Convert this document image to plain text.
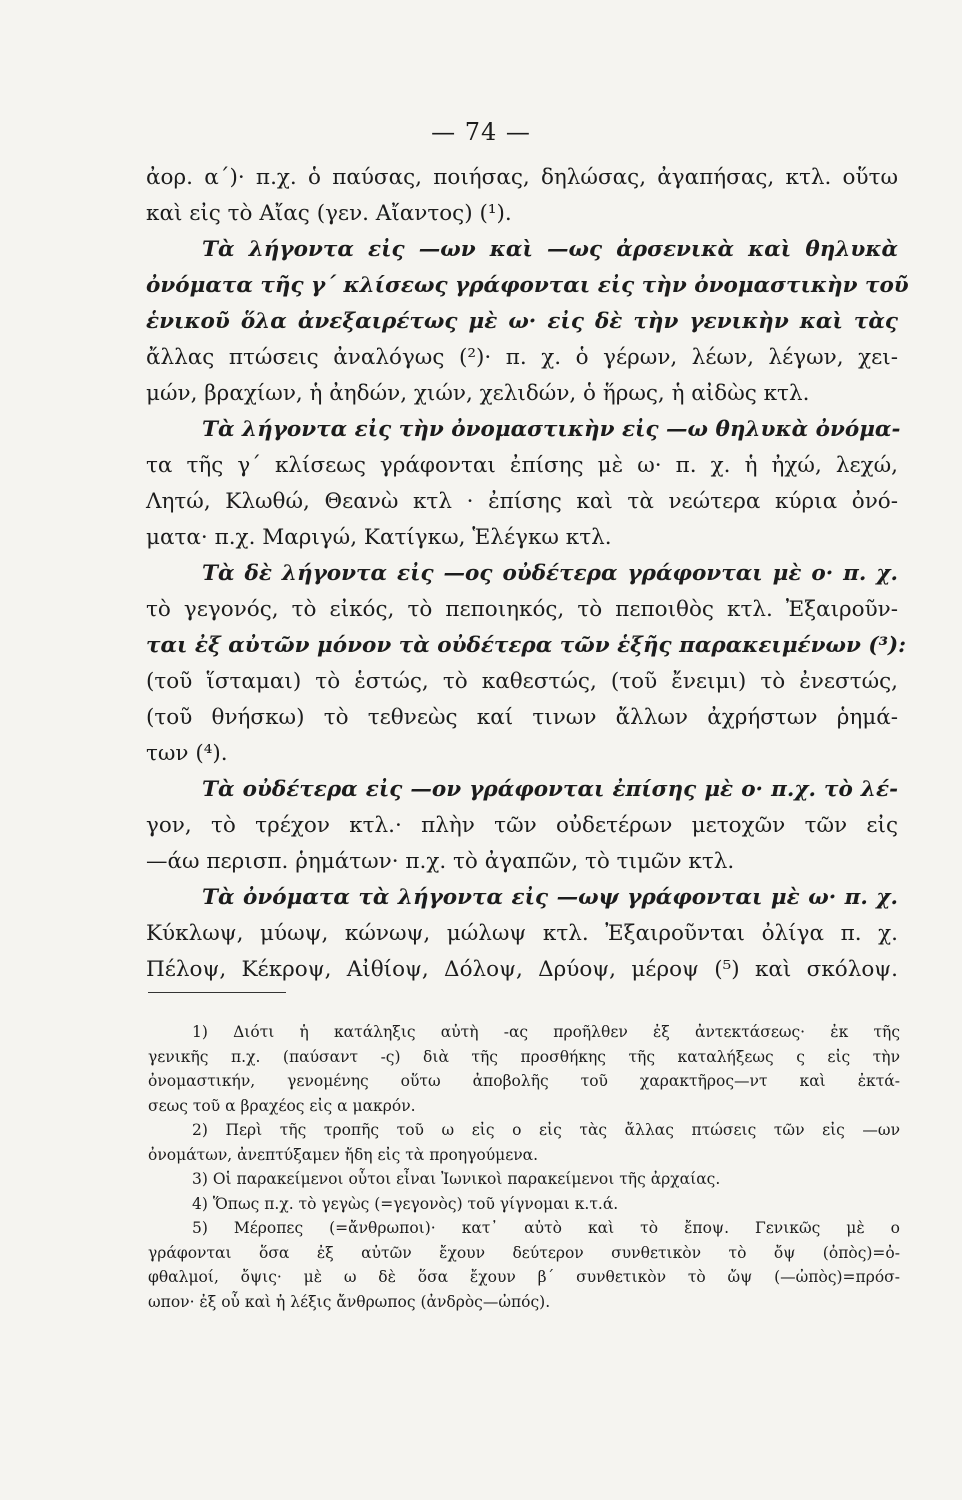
— 74 —
ἀορ. α΄)· π.χ. ὁ παύσας, ποιήσας, δηλώσας, ἀγαπήσας, κτλ. οὕτω
καὶ εἰς τὸ Αἴας (γεν. Αἴαντος) (¹).
Τὰ λήγοντα εἰς —ων καὶ —ως ἀρσενικὰ καὶ θηλυκὰ
ὀνόματα τῆς γ΄ κλίσεως γράφονται εἰς τὴν ὀνομαστικὴν τοῦ
ἑνικοῦ ὅλα ἀνεξαιρέτως μὲ ω· εἰς δὲ τὴν γενικὴν καὶ τὰς
ἄλλας πτώσεις ἀναλόγως (²)· π. χ. ὁ γέρων, λέων, λέγων, χει-
μών, βραχίων, ἡ ἀηδών, χιών, χελιδών, ὁ ἥρως, ἡ αἰδὼς κτλ.
Τὰ λήγοντα εἰς τὴν ὀνομαστικὴν εἰς —ω θηλυκὰ ὀνόμα-
τα τῆς γ΄ κλίσεως γράφονται ἐπίσης μὲ ω· π. χ. ἡ ἠχώ, λεχώ,
Λητώ, Κλωθώ, Θεανὼ κτλ · ἐπίσης καὶ τὰ νεώτερα κύρια ὀνό-
ματα· π.χ. Μαριγώ, Κατίγκω, Ἑλέγκω κτλ.
Τὰ δὲ λήγοντα εἰς —ος οὐδέτερα γράφονται μὲ ο· π. χ.
τὸ γεγονός, τὸ εἰκός, τὸ πεποιηκός, τὸ πεποιθὸς κτλ. Ἐξαιροῦν-
ται ἐξ αὐτῶν μόνον τὰ οὐδέτερα τῶν ἑξῆς παρακειμένων (³):
(τοῦ ἵσταμαι) τὸ ἑστώς, τὸ καθεστώς, (τοῦ ἔνειμι) τὸ ἐνεστώς,
(τοῦ θνήσκω) τὸ τεθνεὼς καί τινων ἄλλων ἀχρήστων ῥημά-
των (⁴).
Τὰ οὐδέτερα εἰς —ον γράφονται ἐπίσης μὲ ο· π.χ. τὸ λέ-
γον, τὸ τρέχον κτλ.· πλὴν τῶν οὐδετέρων μετοχῶν τῶν εἰς
—άω περισπ. ῥημάτων· π.χ. τὸ ἀγαπῶν, τὸ τιμῶν κτλ.
Τὰ ὀνόματα τὰ λήγοντα εἰς —ωψ γράφονται μὲ ω· π. χ.
Κύκλωψ, μύωψ, κώνωψ, μώλωψ κτλ. Ἐξαιροῦνται ὀλίγα π. χ.
Πέλοψ, Κέκροψ, Αἰθίοψ, Δόλοψ, Δρύοψ, μέροψ (⁵) καὶ σκόλοψ.
1) Διότι ἡ κατάληξις αὐτὴ -ας προῆλθεν ἐξ ἀντεκτάσεως· ἐκ τῆς
γενικῆς π.χ. (παύσαντ -ς) διὰ τῆς προσθήκης τῆς καταλήξεως ς εἰς τὴν
ὀνομαστικήν, γενομένης οὕτω ἀποβολῆς τοῦ χαρακτῆρος—ντ καὶ ἐκτά-
σεως τοῦ α βραχέος εἰς α μακρόν.
2) Περὶ τῆς τροπῆς τοῦ ω εἰς ο εἰς τὰς ἄλλας πτώσεις τῶν εἰς —ων
ὀνομάτων, ἀνεπτύξαμεν ἤδη εἰς τὰ προηγούμενα.
3) Οἱ παρακείμενοι οὗτοι εἶναι Ἰωνικοὶ παρακείμενοι τῆς ἀρχαίας.
4) Ὅπως π.χ. τὸ γεγὼς (=γεγονὸς) τοῦ γίγνομαι κ.τ.ά.
5) Μέροπες (=ἄνθρωποι)· κατ᾽ αὐτὸ καὶ τὸ ἔποψ. Γενικῶς μὲ ο
γράφονται ὅσα ἐξ αὐτῶν ἔχουν δεύτερον συνθετικὸν τὸ ὄψ (ὀπὸς)=ὀ-
φθαλμοί, ὄψις· μὲ ω δὲ ὅσα ἔχουν β΄ συνθετικὸν τὸ ὤψ (—ὠπὸς)=πρόσ-
ωπον· ἐξ οὗ καὶ ἡ λέξις ἄνθρωπος (ἀνδρὸς—ὠπός).
